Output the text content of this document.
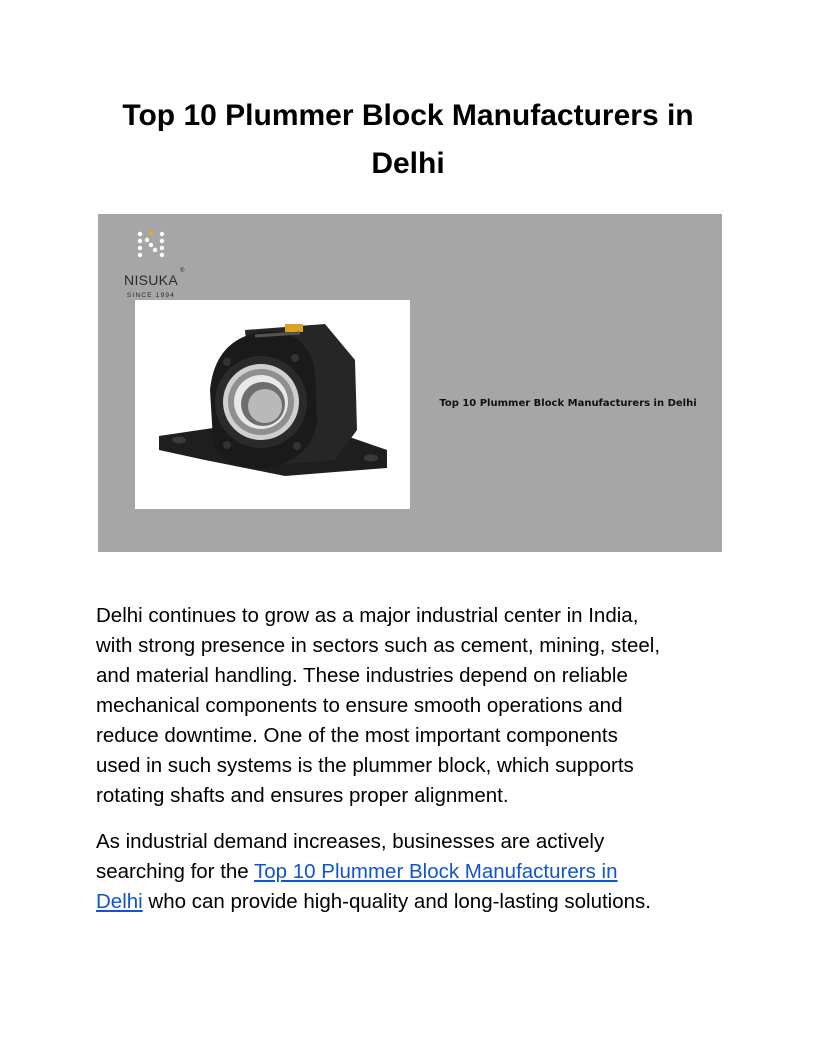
Top 10 Plummer Block Manufacturers in
Delhi
NISUKA
®
SINCE 1994
Top 10 Plummer Block Manufacturers in Delhi
Delhi continues to grow as a major industrial center in India,
with strong presence in sectors such as cement, mining, steel,
and material handling. These industries depend on reliable
mechanical components to ensure smooth operations and
reduce downtime. One of the most important components
used in such systems is the plummer block, which supports
rotating shafts and ensures proper alignment.
As industrial demand increases, businesses are actively
searching for the Top 10 Plummer Block Manufacturers in
Delhi who can provide high-quality and long-lasting solutions.
